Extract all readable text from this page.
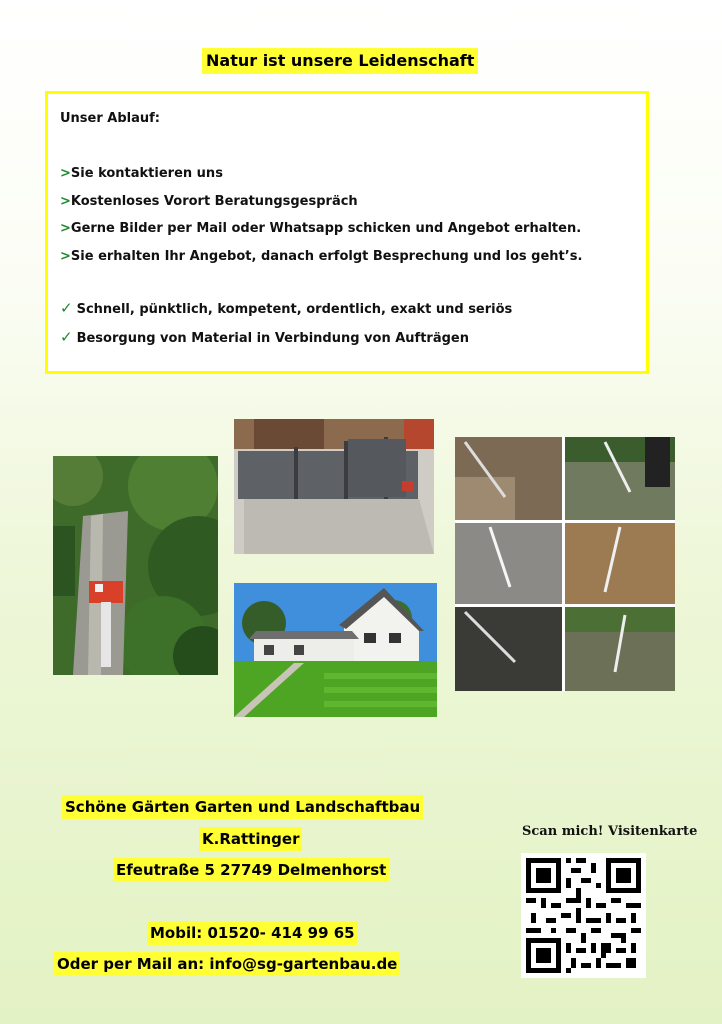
Natur ist unsere Leidenschaft
Unser Ablauf:
>Sie kontaktieren uns
>Kostenloses Vorort Beratungsgespräch
>Gerne Bilder per Mail oder Whatsapp schicken und Angebot erhalten.
>Sie erhalten Ihr Angebot, danach erfolgt Besprechung und los geht’s.
✓ Schnell, pünktlich, kompetent, ordentlich, exakt und seriös
✓ Besorgung von Material in Verbindung von Aufträgen
Schöne Gärten Garten und Landschaftbau
K.Rattinger
Efeutraße 5 27749 Delmenhorst
Mobil: 01520- 414 99 65
Oder per Mail an: info@sg-gartenbau.de
Scan mich! Visitenkarte
